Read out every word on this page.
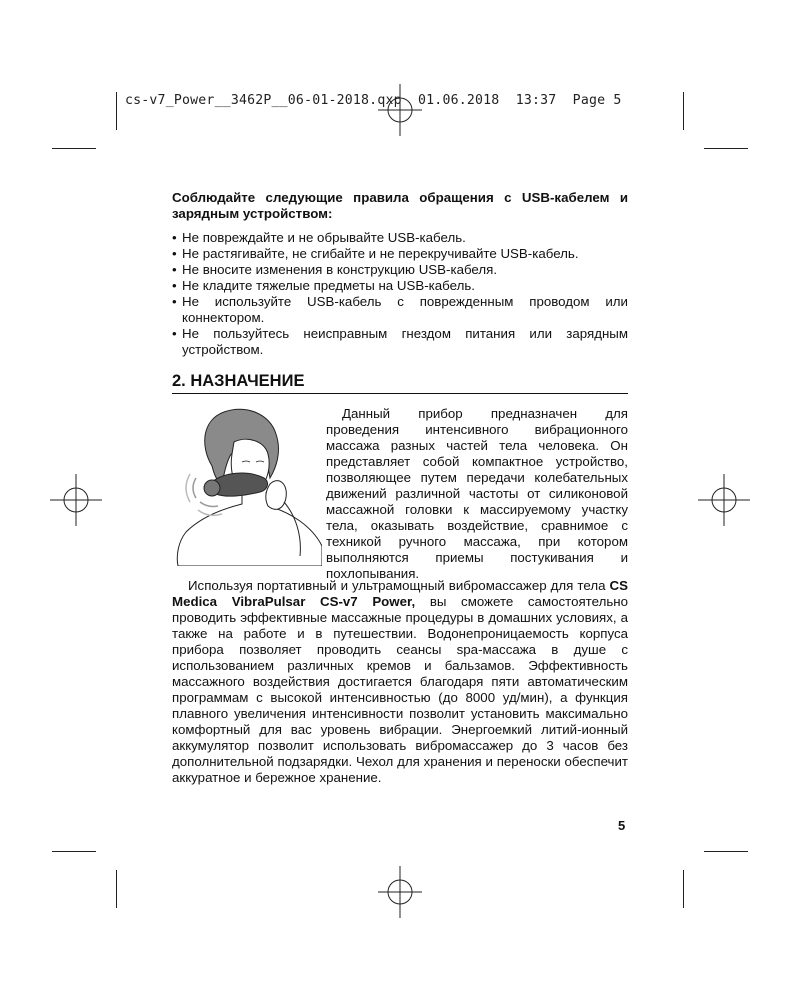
cs-v7_Power__3462P__06-01-2018.qxp  01.06.2018  13:37  Page 5

Соблюдайте следующие правила обращения с USB-кабелем и зарядным устройством:

• Не повреждайте и не обрывайте USB-кабель.
• Не растягивайте, не сгибайте и не перекручивайте USB-кабель.
• Не вносите изменения в конструкцию USB-кабеля.
• Не кладите тяжелые предметы на USB-кабель.
• Не используйте USB-кабель с поврежденным проводом или коннектором.
• Не пользуйтесь неисправным гнездом питания или зарядным устройством.
2. НАЗНАЧЕНИЕ

Данный прибор предназначен для проведения интенсивного вибрационного массажа разных частей тела человека. Он представляет собой компактное устройство, позволяющее путем передачи колебательных движений различной частоты от силиконовой массажной головки к массируемому участку тела, оказывать воздействие, сравнимое с техникой ручного массажа, при котором выполняются приемы постукивания и похлопывания.

Используя портативный и ультрамощный вибромассажер для тела CS Medica VibraPulsar CS-v7 Power, вы сможете самостоятельно проводить эффективные массажные процедуры в домашних условиях, а также на работе и в путешествии. Водонепроницаемость корпуса прибора позволяет проводить сеансы spa-массажа в душе с использованием различных кремов и бальзамов. Эффективность массажного воздействия достигается благодаря пяти автоматическим программам с высокой интенсивностью (до 8000 уд/мин), а функция плавного увеличения интенсивности позволит установить максимально комфортный для вас уровень вибрации. Энергоемкий литий-ионный аккумулятор позволит использовать вибромассажер до 3 часов без дополнительной подзарядки. Чехол для хранения и переноски обеспечит аккуратное и бережное хранение.

5
